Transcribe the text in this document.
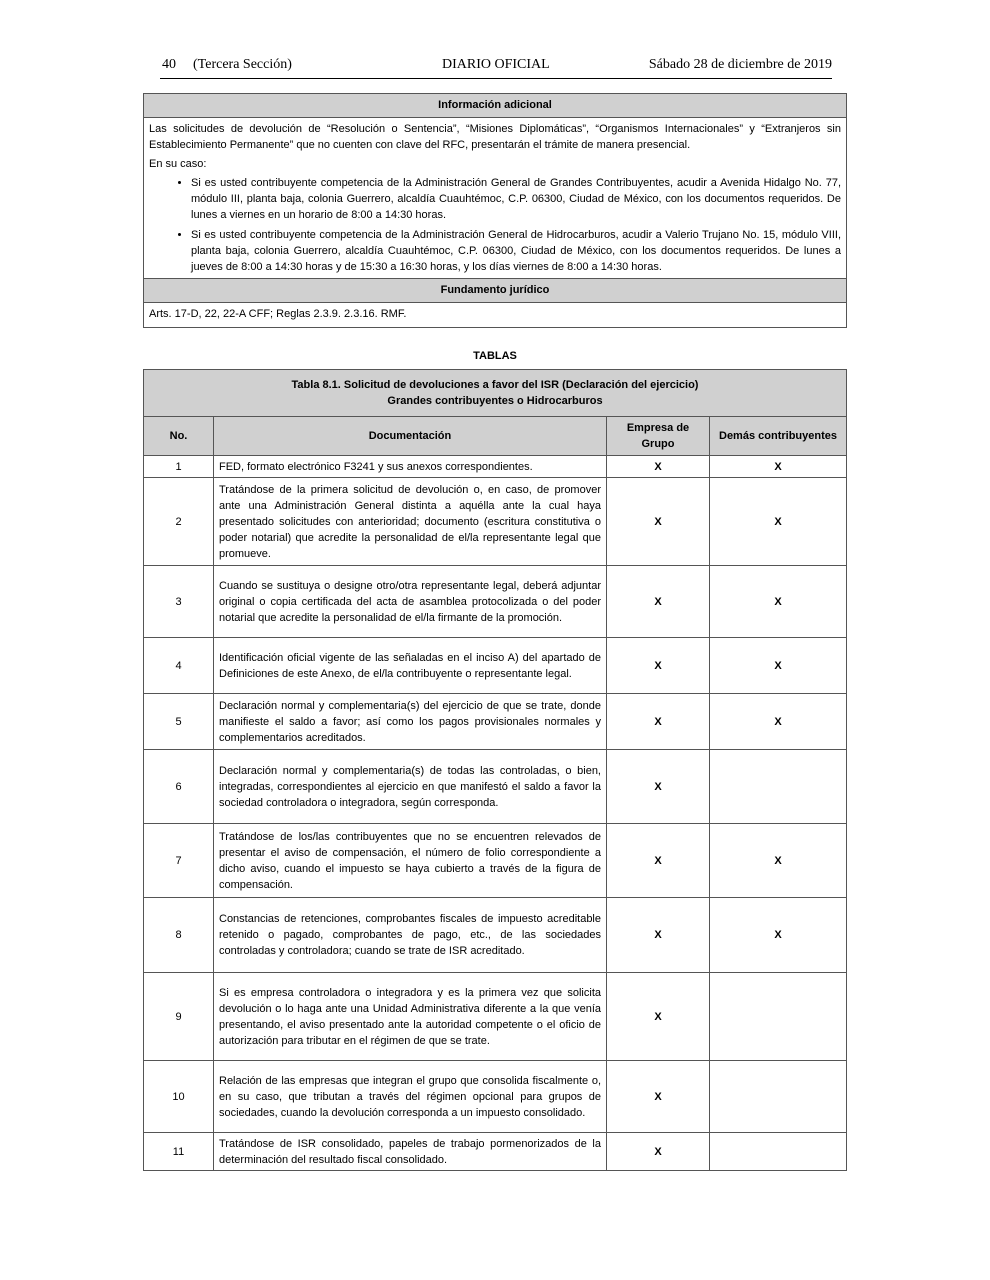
40 (Tercera Sección)	DIARIO OFICIAL	Sábado 28 de diciembre de 2019
Información adicional

Las solicitudes de devolución de “Resolución o Sentencia”, “Misiones Diplomáticas”, “Organismos Internacionales” y “Extranjeros sin Establecimiento Permanente” que no cuenten con clave del RFC, presentarán el trámite de manera presencial.

En su caso:

• Si es usted contribuyente competencia de la Administración General de Grandes Contribuyentes, acudir a Avenida Hidalgo No. 77, módulo III, planta baja, colonia Guerrero, alcaldía Cuauhtémoc, C.P. 06300, Ciudad de México, con los documentos requeridos. De lunes a viernes en un horario de 8:00 a 14:30 horas.
• Si es usted contribuyente competencia de la Administración General de Hidrocarburos, acudir a Valerio Trujano No. 15, módulo VIII, planta baja, colonia Guerrero, alcaldía Cuauhtémoc, C.P. 06300, Ciudad de México, con los documentos requeridos. De lunes a jueves de 8:00 a 14:30 horas y de 15:30 a 16:30 horas, y los días viernes de 8:00 a 14:30 horas.
Fundamento jurídico
Arts. 17-D, 22, 22-A CFF; Reglas 2.3.9. 2.3.16. RMF.
TABLAS
Tabla 8.1. Solicitud de devoluciones a favor del ISR (Declaración del ejercicio)
Grandes contribuyentes o Hidrocarburos			

No.	Documentación	Empresa de Grupo	Demás contribuyentes
1	FED, formato electrónico F3241 y sus anexos correspondientes.	X	X
2	Tratándose de la primera solicitud de devolución o, en caso, de promover ante una Administración General distinta a aquélla ante la cual haya presentado solicitudes con anterioridad; documento (escritura constitutiva o poder notarial) que acredite la personalidad de el/la representante legal que promueve.	X	X
3	Cuando se sustituya o designe otro/otra representante legal, deberá adjuntar original o copia certificada del acta de asamblea protocolizada o del poder notarial que acredite la personalidad de el/la firmante de la promoción.	X	X
4	Identificación oficial vigente de las señaladas en el inciso A) del apartado de Definiciones de este Anexo, de el/la contribuyente o representante legal.	X	X
5	Declaración normal y complementaria(s) del ejercicio de que se trate, donde manifieste el saldo a favor; así como los pagos provisionales normales y complementarios acreditados.	X	X
6	Declaración normal y complementaria(s) de todas las controladas, o bien, integradas, correspondientes al ejercicio en que manifestó el saldo a favor la sociedad controladora o integradora, según corresponda.	X	
7	Tratándose de los/las contribuyentes que no se encuentren relevados de presentar el aviso de compensación, el número de folio correspondiente a dicho aviso, cuando el impuesto se haya cubierto a través de la figura de compensación.	X	X
8	Constancias de retenciones, comprobantes fiscales de impuesto acreditable retenido o pagado, comprobantes de pago, etc., de las sociedades controladas y controladora; cuando se trate de ISR acreditado.	X	X
9	Si es empresa controladora o integradora y es la primera vez que solicita devolución o lo haga ante una Unidad Administrativa diferente a la que venía presentando, el aviso presentado ante la autoridad competente o el oficio de autorización para tributar en el régimen de que se trate.	X	
10	Relación de las empresas que integran el grupo que consolida fiscalmente o, en su caso, que tributan a través del régimen opcional para grupos de sociedades, cuando la devolución corresponda a un impuesto consolidado.	X	
11	Tratándose de ISR consolidado, papeles de trabajo pormenorizados de la determinación del resultado fiscal consolidado.	X	
